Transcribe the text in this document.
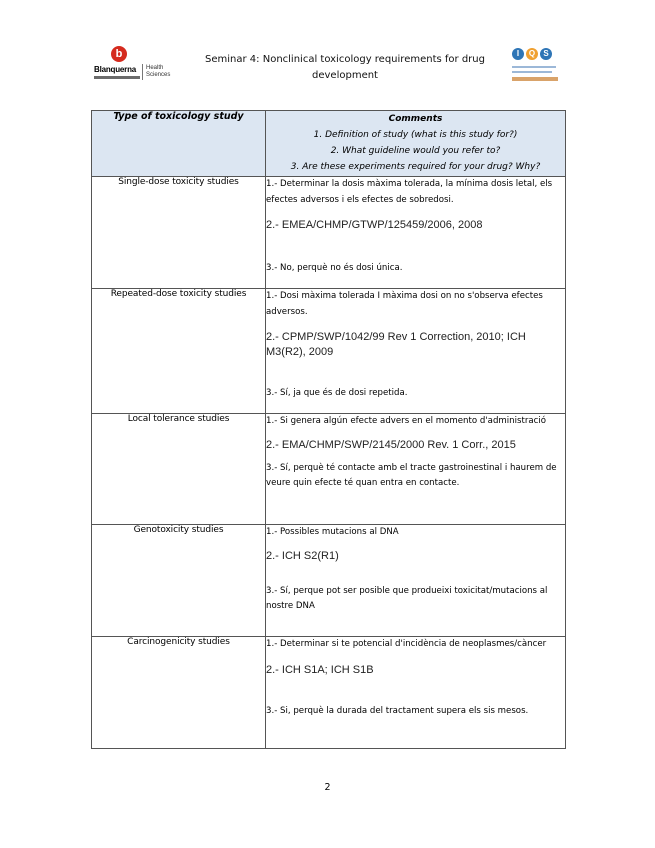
b
Blanquerna Health Sciences
Seminar 4: Nonclinical toxicology requirements for drug development
I	Q	S
Type of toxicology study	Comments
1. Definition of study (what is this study for?)
2. What guideline would you refer to?
3. Are these experiments required for your drug? Why?

Single-dose toxicity studies	1.- Determinar la dosis màxima tolerada, la mínima dosis letal, els efectes adversos i els efectes de sobredosi.
2.- EMEA/CHMP/GTWP/125459/2006, 2008
3.- No, perquè no és dosi única.

Repeated-dose toxicity studies	1.- Dosi màxima tolerada I màxima dosi on no s'observa efectes adversos.
2.- CPMP/SWP/1042/99 Rev 1 Correction, 2010; ICH M3(R2), 2009
3.- Sí, ja que és de dosi repetida.

Local tolerance studies	1.- Si genera algún efecte advers en el momento d'administració
2.- EMA/CHMP/SWP/2145/2000 Rev. 1 Corr., 2015
3.- Sí, perquè té contacte amb el tracte gastroinestinal i haurem de veure quin efecte té quan entra en contacte.

Genotoxicity studies	1.- Possibles mutacions al DNA
2.- ICH S2(R1)
3.- Sí, perque pot ser posible que produeixi toxicitat/mutacions al nostre DNA

Carcinogenicity studies	1.- Determinar si te potencial d'incidència de neoplasmes/càncer
2.- ICH S1A; ICH S1B
3.- Si, perquè la durada del tractament supera els sis mesos.
2
